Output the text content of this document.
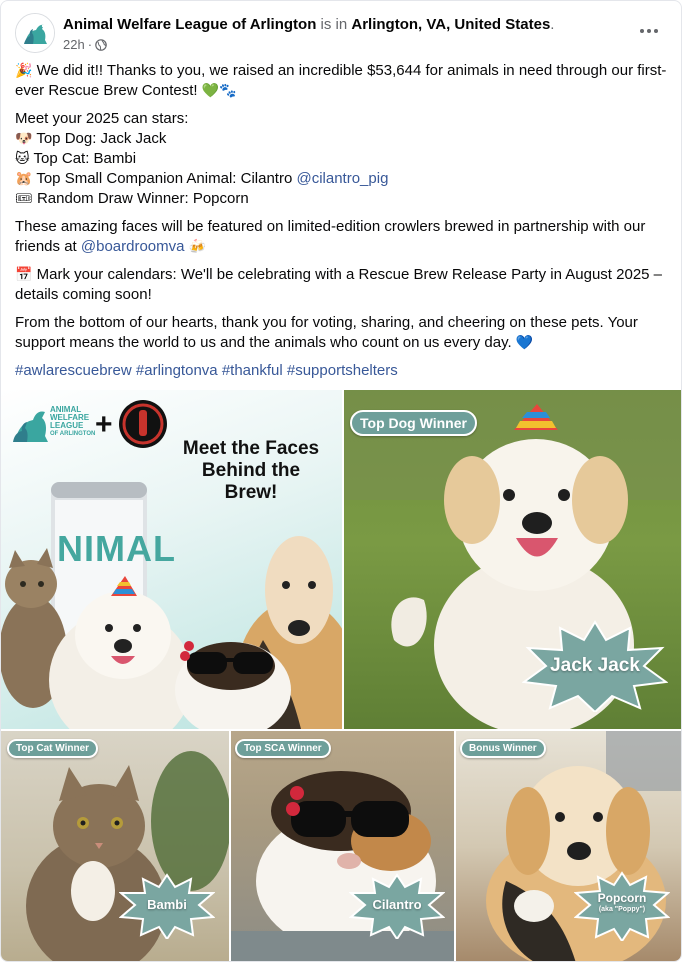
Animal Welfare League of Arlington is in Arlington, VA, United States.
22h ·

🎉 We did it!! Thanks to you, we raised an incredible $53,644 for animals in need through our first-ever Rescue Brew Contest! 💚🐾

Meet your 2025 can stars:

🐶 Top Dog: Jack Jack

🐱 Top Cat: Bambi

🐹 Top Small Companion Animal: Cilantro @cilantro_pig

🎟 Random Draw Winner: Popcorn

These amazing faces will be featured on limited-edition crowlers brewed in partnership with our friends at @boardroomva 🍻

📅 Mark your calendars: We'll be celebrating with a Rescue Brew Release Party in August 2025 – details coming soon!

From the bottom of our hearts, thank you for voting, sharing, and cheering on these pets. Your support means the world to us and the animals who count on us every day. 💙

#awlarescuebrew #arlingtonva #thankful #supportshelters

ANIMAL
WELFARE
LEAGUE
OF ARLINGTON +
Meet the Faces
Behind the
Brew!
NIMAL
Top Dog Winner
Jack Jack
Top Cat Winner
Bambi
Top SCA Winner
Cilantro
Bonus Winner
Popcorn
(aka "Poppy")
